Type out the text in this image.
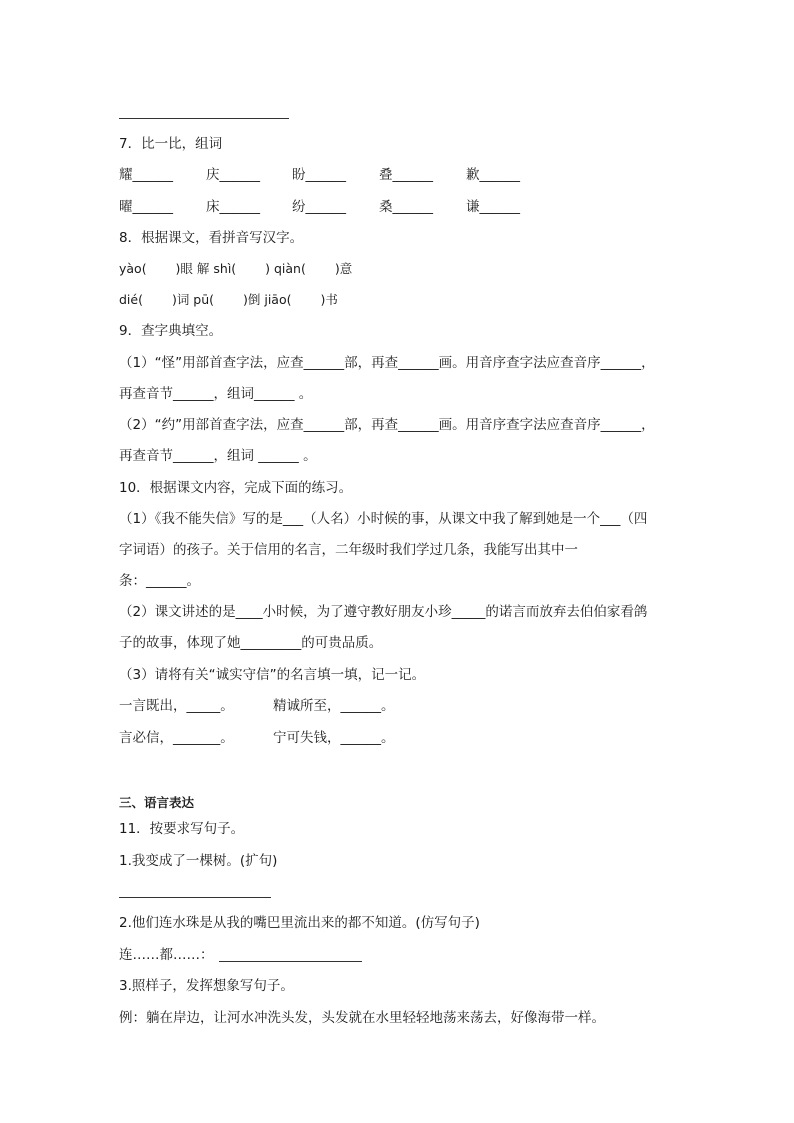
7．比一比，组词
耀______ 庆______ 盼______ 叠______ 歉______
曜______ 床______ 纷______ 桑______ 谦______
8．根据课文，看拼音写汉字。
yào(　　 )眼 解 shì(　　 ) qiàn(　　 )意
dié(　　 )词 pū(　　 )倒 jiāo(　　 )书
9．查字典填空。
（1）“怪”用部首查字法，应查______部，再查______画。用音序查字法应查音序______，
再查音节______，组词______ 。
（2）“约”用部首查字法，应查______部，再查______画。用音序查字法应查音序______，
再查音节______，组词 ______ 。
10．根据课文内容，完成下面的练习。
（1）《我不能失信》写的是___（人名）小时候的事，从课文中我了解到她是一个___（四
字词语）的孩子。关于信用的名言，二年级时我们学过几条，我能写出其中一
条：______。
（2）课文讲述的是____小时候，为了遵守教好朋友小珍_____的诺言而放弃去伯伯家看鸽
子的故事，体现了她_________的可贵品质。
（3）请将有关“诚实守信”的名言填一填，记一记。
一言既出，_____。	精诚所至，______。
言必信，_______。	宁可失钱，______。
三、语言表达
11．按要求写句子。
1.我变成了一棵树。(扩句)
2.他们连水珠是从我的嘴巴里流出来的都不知道。(仿写句子)
连……都……：
3.照样子，发挥想象写句子。
例：躺在岸边，让河水冲洗头发，头发就在水里轻轻地荡来荡去，好像海带一样。
